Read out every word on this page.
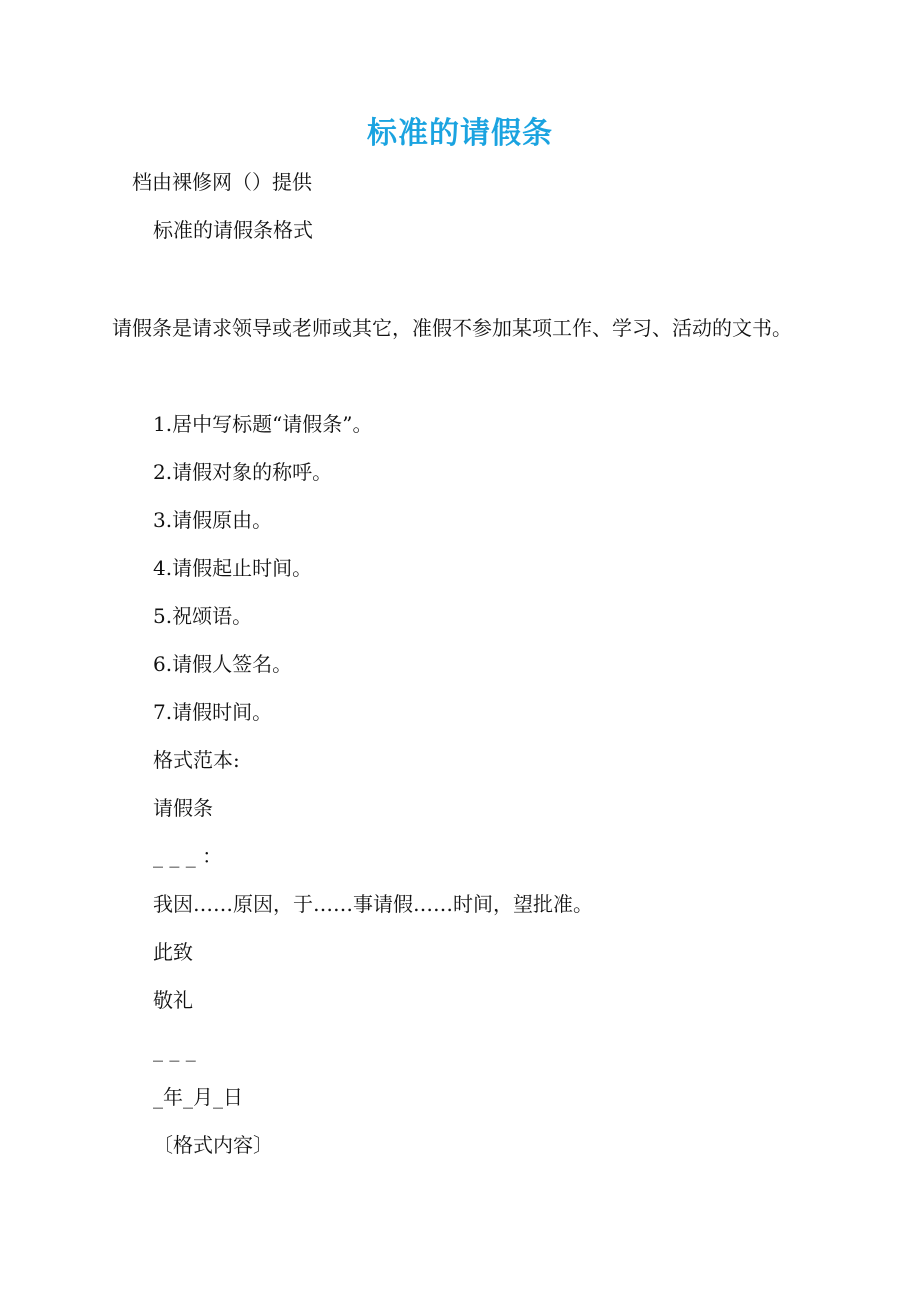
标准的请假条
档由裸修网（）提供
标准的请假条格式
请假条是请求领导或老师或其它，准假不参加某项工作、学习、活动的文书。
1.居中写标题“请假条”。
2.请假对象的称呼。
3.请假原由。
4.请假起止时间。
5.祝颂语。
6.请假人签名。
7.请假时间。
格式范本:
请假条
_ _ _ ：
我因……原因，于……事请假……时间，望批准。
此致
敬礼
_ _ _
_年_月_日
〔格式内容〕
